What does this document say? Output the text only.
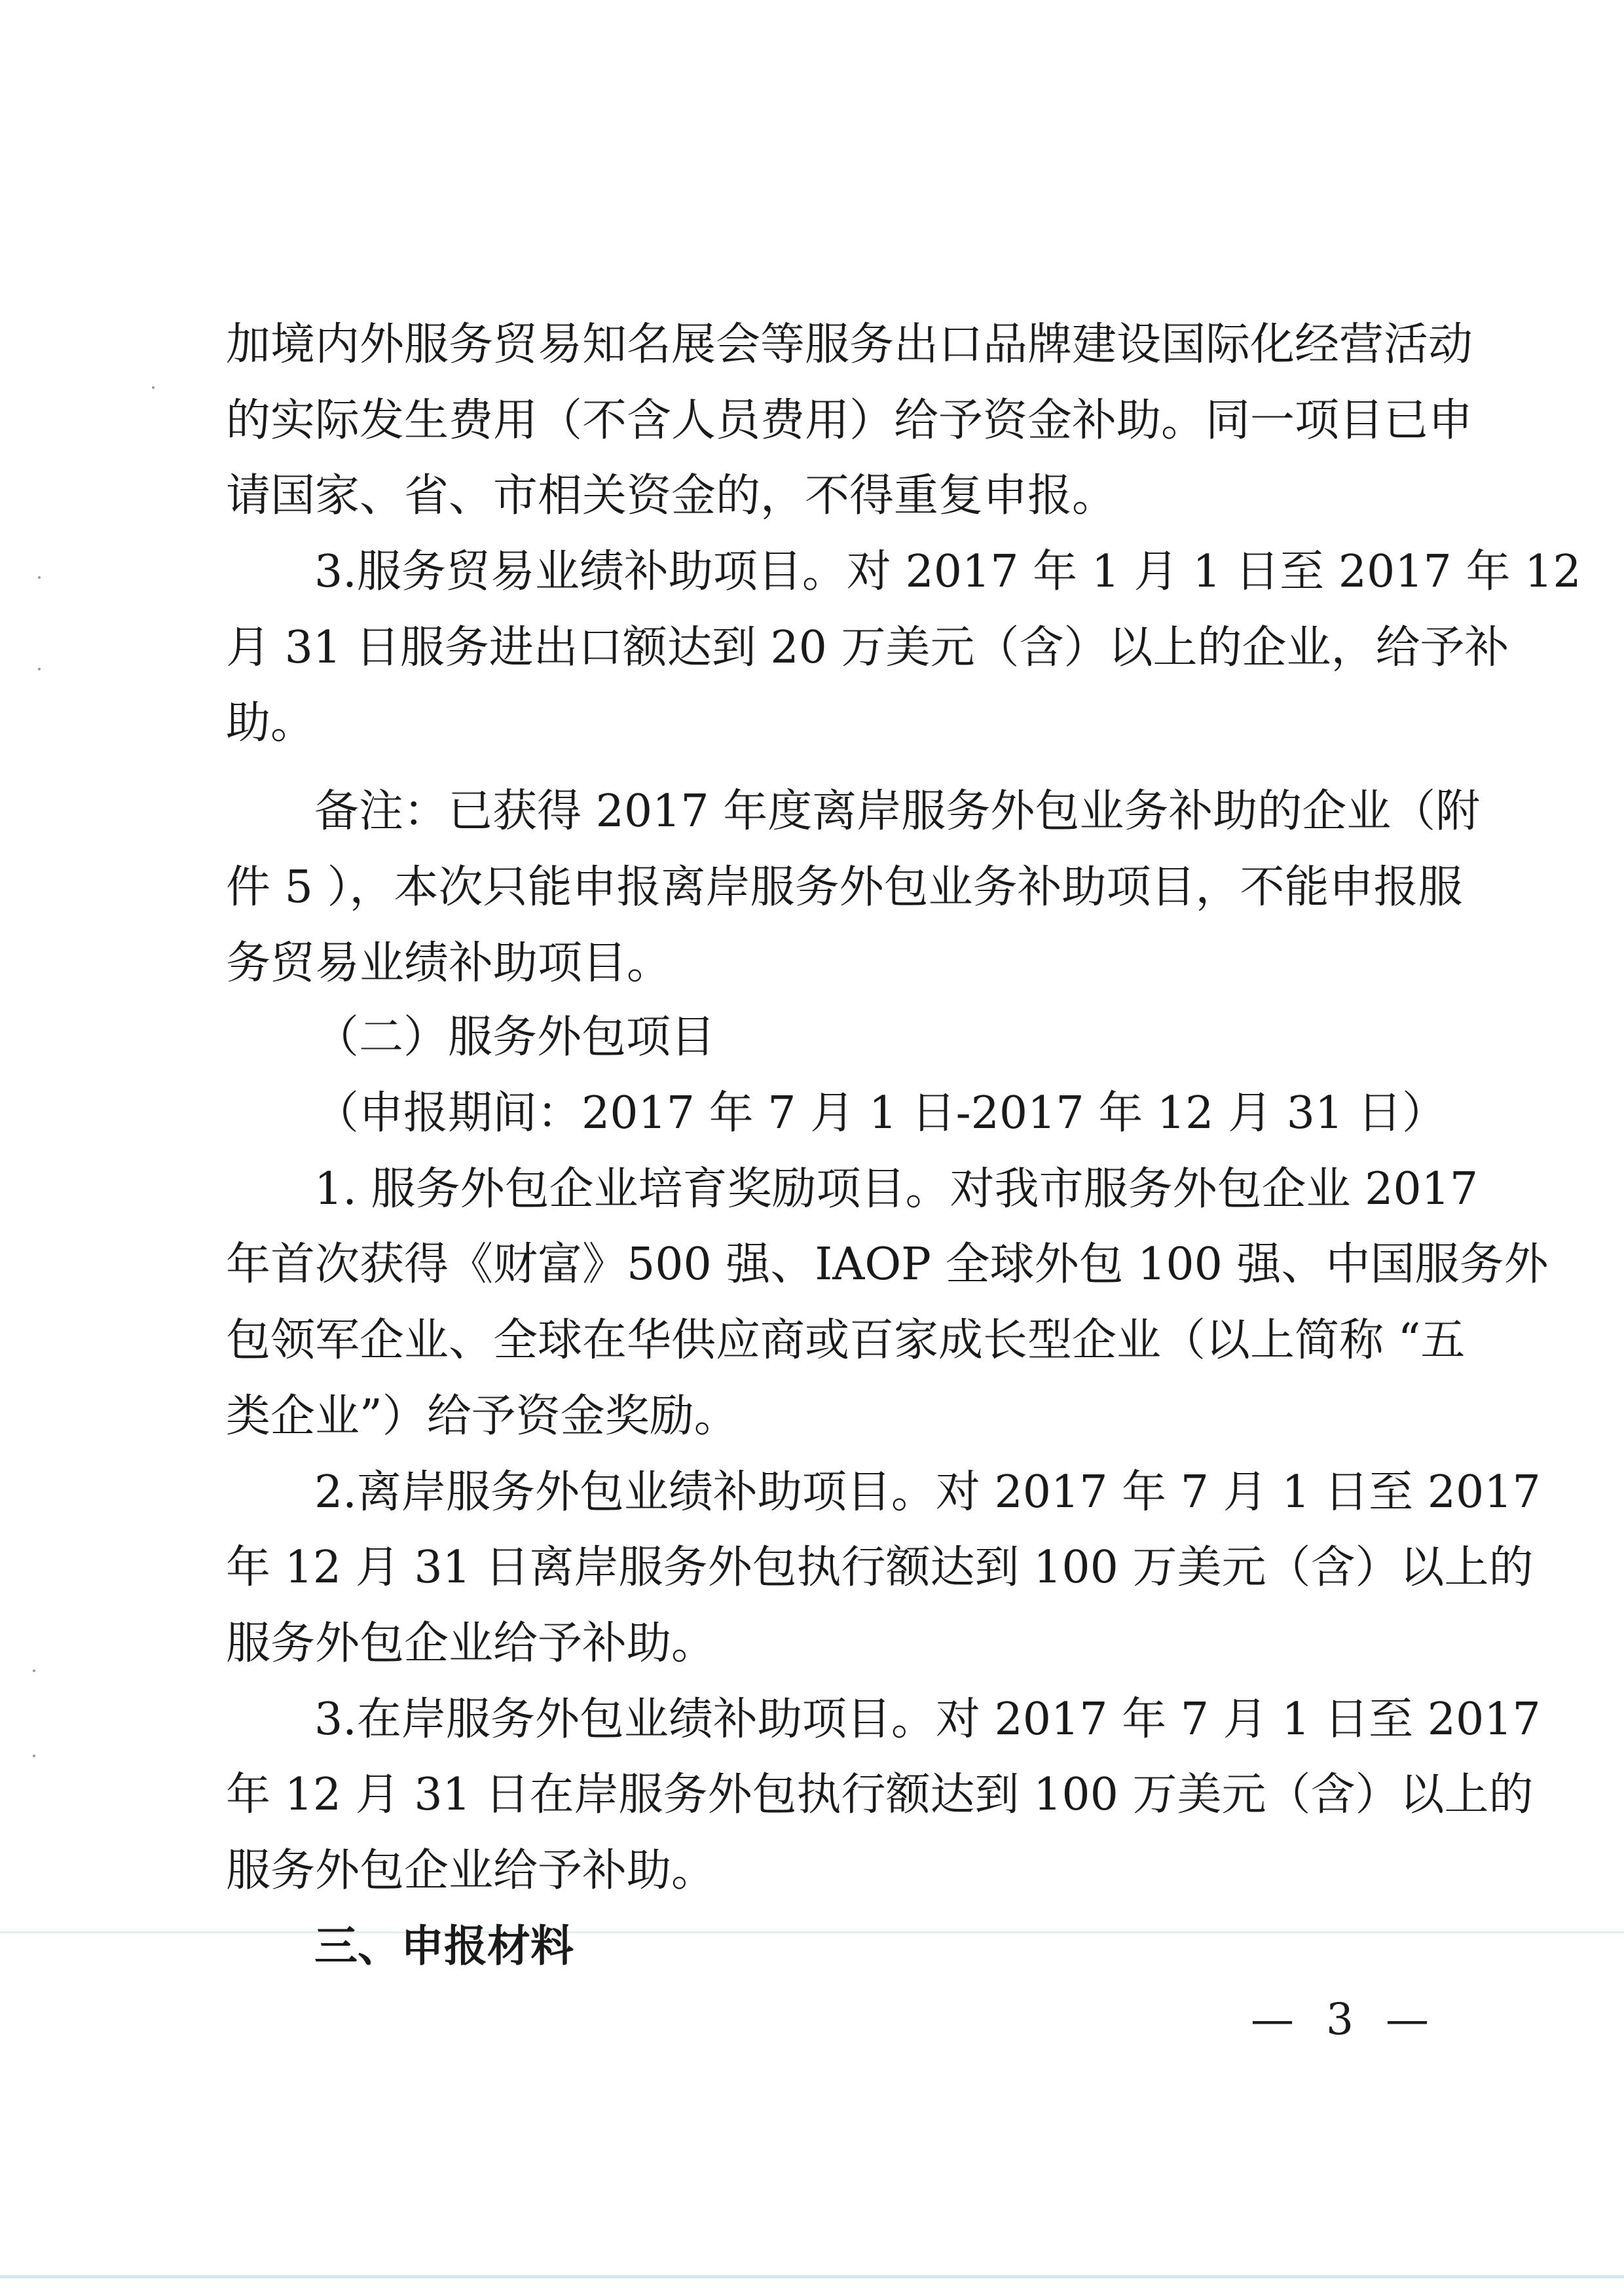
加境内外服务贸易知名展会等服务出口品牌建设国际化经营活动
的实际发生费用（不含人员费用）给予资金补助。同一项目已申
请国家、省、市相关资金的，不得重复申报。
3.服务贸易业绩补助项目。对 2017 年 1 月 1 日至 2017 年 12
月 31 日服务进出口额达到 20 万美元（含）以上的企业，给予补
助。
备注：已获得 2017 年度离岸服务外包业务补助的企业（附
件 5 ），本次只能申报离岸服务外包业务补助项目，不能申报服
务贸易业绩补助项目。
（二）服务外包项目
（申报期间：2017 年 7 月 1 日-2017 年 12 月 31 日）
1. 服务外包企业培育奖励项目。对我市服务外包企业 2017
年首次获得《财富》500 强、IAOP 全球外包 100 强、中国服务外
包领军企业、全球在华供应商或百家成长型企业（以上简称 “五
类企业”）给予资金奖励。
2.离岸服务外包业绩补助项目。对 2017 年 7 月 1 日至 2017
年 12 月 31 日离岸服务外包执行额达到 100 万美元（含）以上的
服务外包企业给予补助。
3.在岸服务外包业绩补助项目。对 2017 年 7 月 1 日至 2017
年 12 月 31 日在岸服务外包执行额达到 100 万美元（含）以上的
服务外包企业给予补助。
三、申报材料
— 3 —
